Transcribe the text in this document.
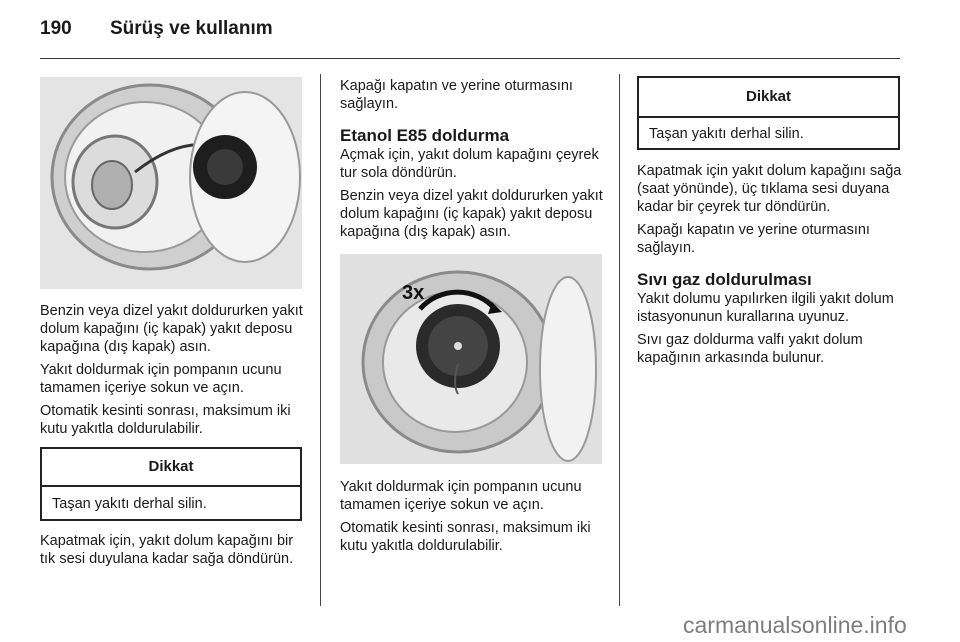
190 Sürüş ve kullanım

Benzin veya dizel yakıt doldururken yakıt dolum kapağını (iç kapak) yakıt deposu kapağına (dış kapak) asın.

Yakıt doldurmak için pompanın ucunu tamamen içeriye sokun ve açın.

Otomatik kesinti sonrası, maksimum iki kutu yakıtla doldurulabilir.

Dikkat
Taşan yakıtı derhal silin.

Kapatmak için, yakıt dolum kapağını bir tık sesi duyulana kadar sağa döndürün.

Kapağı kapatın ve yerine oturmasını sağlayın.

Etanol E85 doldurma

Açmak için, yakıt dolum kapağını çeyrek tur sola döndürün.

Benzin veya dizel yakıt doldururken yakıt dolum kapağını (iç kapak) yakıt deposu kapağına (dış kapak) asın.

3x

Yakıt doldurmak için pompanın ucunu tamamen içeriye sokun ve açın.

Otomatik kesinti sonrası, maksimum iki kutu yakıtla doldurulabilir.

Dikkat
Taşan yakıtı derhal silin.

Kapatmak için yakıt dolum kapağını sağa (saat yönünde), üç tıklama sesi duyana kadar bir çeyrek tur döndürün.

Kapağı kapatın ve yerine oturmasını sağlayın.

Sıvı gaz doldurulması

Yakıt dolumu yapılırken ilgili yakıt dolum istasyonunun kurallarına uyunuz.

Sıvı gaz doldurma valfı yakıt dolum kapağının arkasında bulunur.

carmanualsonline.info
